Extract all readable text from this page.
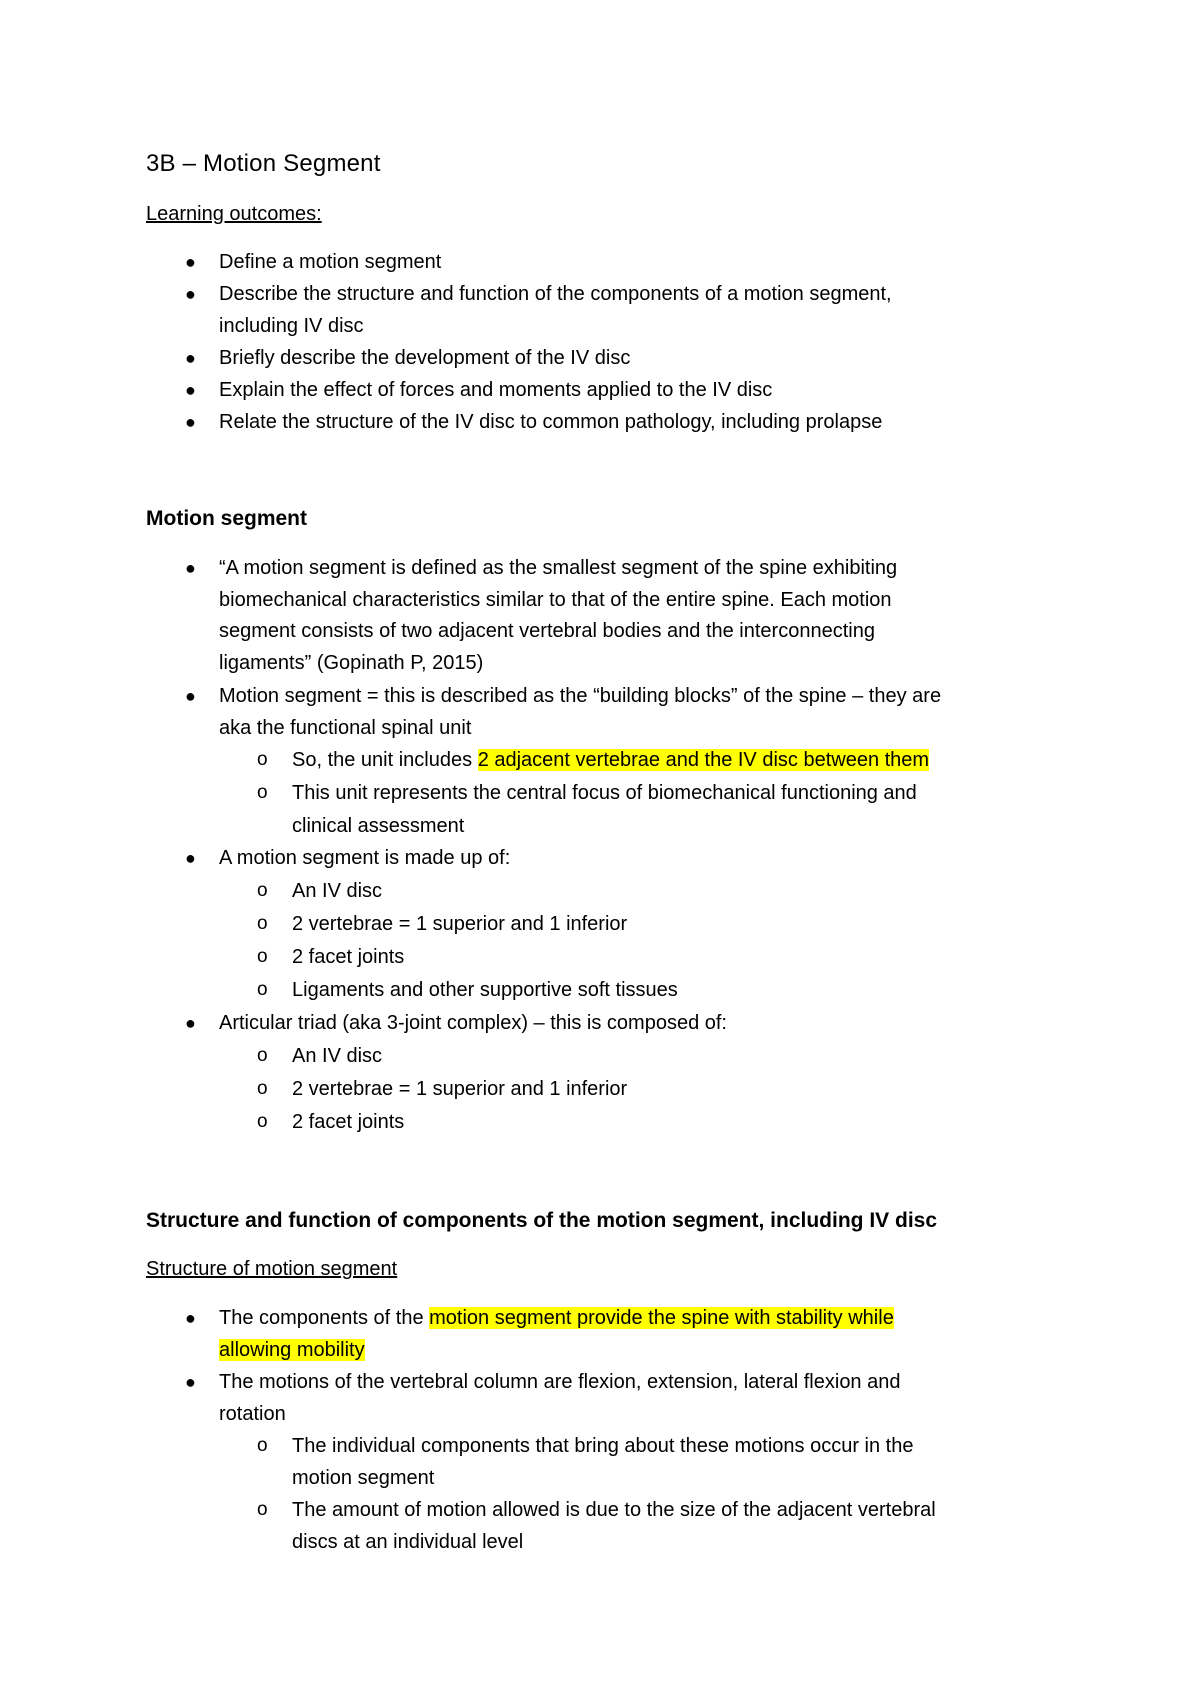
3B – Motion Segment
Learning outcomes:
● Define a motion segment
● Describe the structure and function of the components of a motion segment,
including IV disc
● Briefly describe the development of the IV disc
● Explain the effect of forces and moments applied to the IV disc
● Relate the structure of the IV disc to common pathology, including prolapse
Motion segment
● “A motion segment is defined as the smallest segment of the spine exhibiting
biomechanical characteristics similar to that of the entire spine. Each motion
segment consists of two adjacent vertebral bodies and the interconnecting
ligaments” (Gopinath P, 2015)
● Motion segment = this is described as the “building blocks” of the spine – they are
aka the functional spinal unit
o So, the unit includes 2 adjacent vertebrae and the IV disc between them
o This unit represents the central focus of biomechanical functioning and
clinical assessment
● A motion segment is made up of:
o An IV disc
o 2 vertebrae = 1 superior and 1 inferior
o 2 facet joints
o Ligaments and other supportive soft tissues
● Articular triad (aka 3-joint complex) – this is composed of:
o An IV disc
o 2 vertebrae = 1 superior and 1 inferior
o 2 facet joints
Structure and function of components of the motion segment, including IV disc
Structure of motion segment
● The components of the motion segment provide the spine with stability while
allowing mobility
● The motions of the vertebral column are flexion, extension, lateral flexion and
rotation
o The individual components that bring about these motions occur in the
motion segment
o The amount of motion allowed is due to the size of the adjacent vertebral
discs at an individual level
